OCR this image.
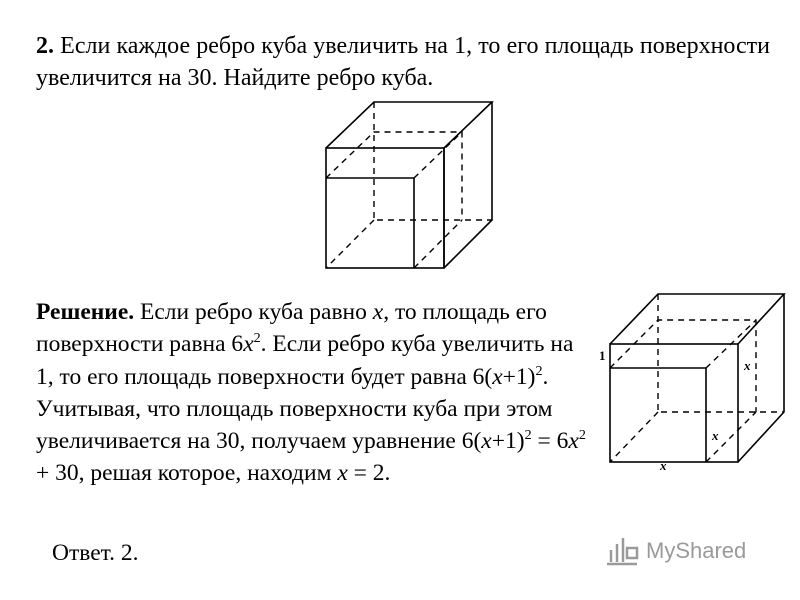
2. Если каждое ребро куба увеличить на 1, то его площадь поверхности увеличится на 30. Найдите ребро куба.
Решение. Если ребро куба равно x, то площадь его поверхности равна $6x^2$. Если ребро куба увеличить на 1, то его площадь поверхности будет равна $6(x+1)^2$. Учитывая, что площадь поверхности куба при этом увеличивается на 30, получаем уравнение $6(x+1)^2 = 6x^2 + 30$, решая которое, находим x = 2.
1
x
x
x
Ответ. 2.	MyShared
